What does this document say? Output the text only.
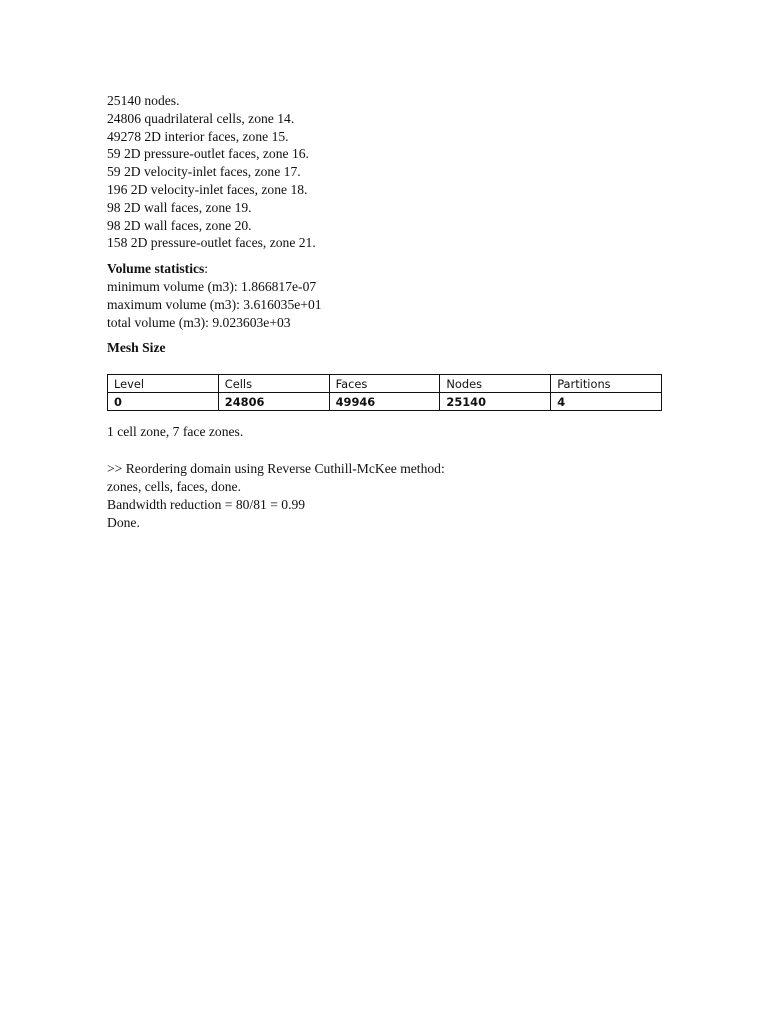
25140 nodes.
24806 quadrilateral cells, zone 14.
49278 2D interior faces, zone 15.
59 2D pressure-outlet faces, zone 16.
59 2D velocity-inlet faces, zone 17.
196 2D velocity-inlet faces, zone 18.
98 2D wall faces, zone 19.
98 2D wall faces, zone 20.
158 2D pressure-outlet faces, zone 21.
Volume statistics:
minimum volume (m3): 1.866817e-07
maximum volume (m3): 3.616035e+01
total volume (m3): 9.023603e+03
Mesh Size
Level	Cells	Faces	Nodes	Partitions
0	24806	49946	25140	4
1 cell zone, 7 face zones.
>> Reordering domain using Reverse Cuthill-McKee method:
zones, cells, faces, done.
Bandwidth reduction = 80/81 = 0.99
Done.
